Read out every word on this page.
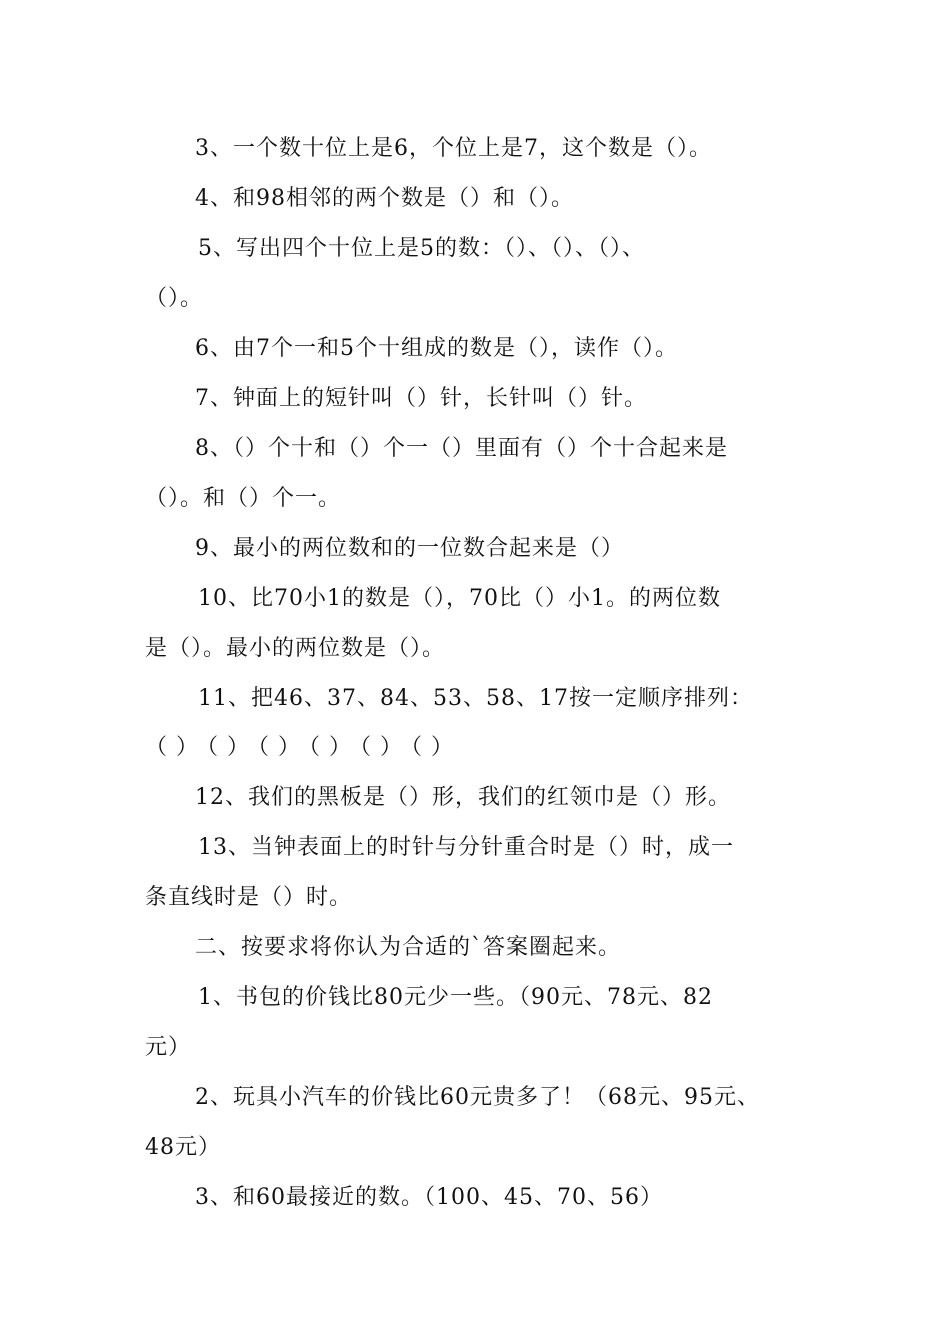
3、一个数十位上是6，个位上是7，这个数是（）。
4、和98相邻的两个数是（）和（）。
5、写出四个十位上是5的数：（）、（）、（）、
（）。
6、由7个一和5个十组成的数是（），读作（）。
7、钟面上的短针叫（）针，长针叫（）针。
8、（）个十和（）个一（）里面有（）个十合起来是
（）。和（）个一。
9、最小的两位数和的一位数合起来是（）
10、比70小1的数是（），70比（）小1。的两位数
是（）。最小的两位数是（）。
11、把46、37、84、53、58、17按一定顺序排列：
（）（）（）（）（）（）
12、我们的黑板是（）形，我们的红领巾是（）形。
13、当钟表面上的时针与分针重合时是（）时，成一
条直线时是（）时。
二、按要求将你认为合适的`答案圈起来。
1、书包的价钱比80元少一些。（90元、78元、82
元）
2、玩具小汽车的价钱比60元贵多了！（68元、95元、
48元）
3、和60最接近的数。（100、45、70、56）
